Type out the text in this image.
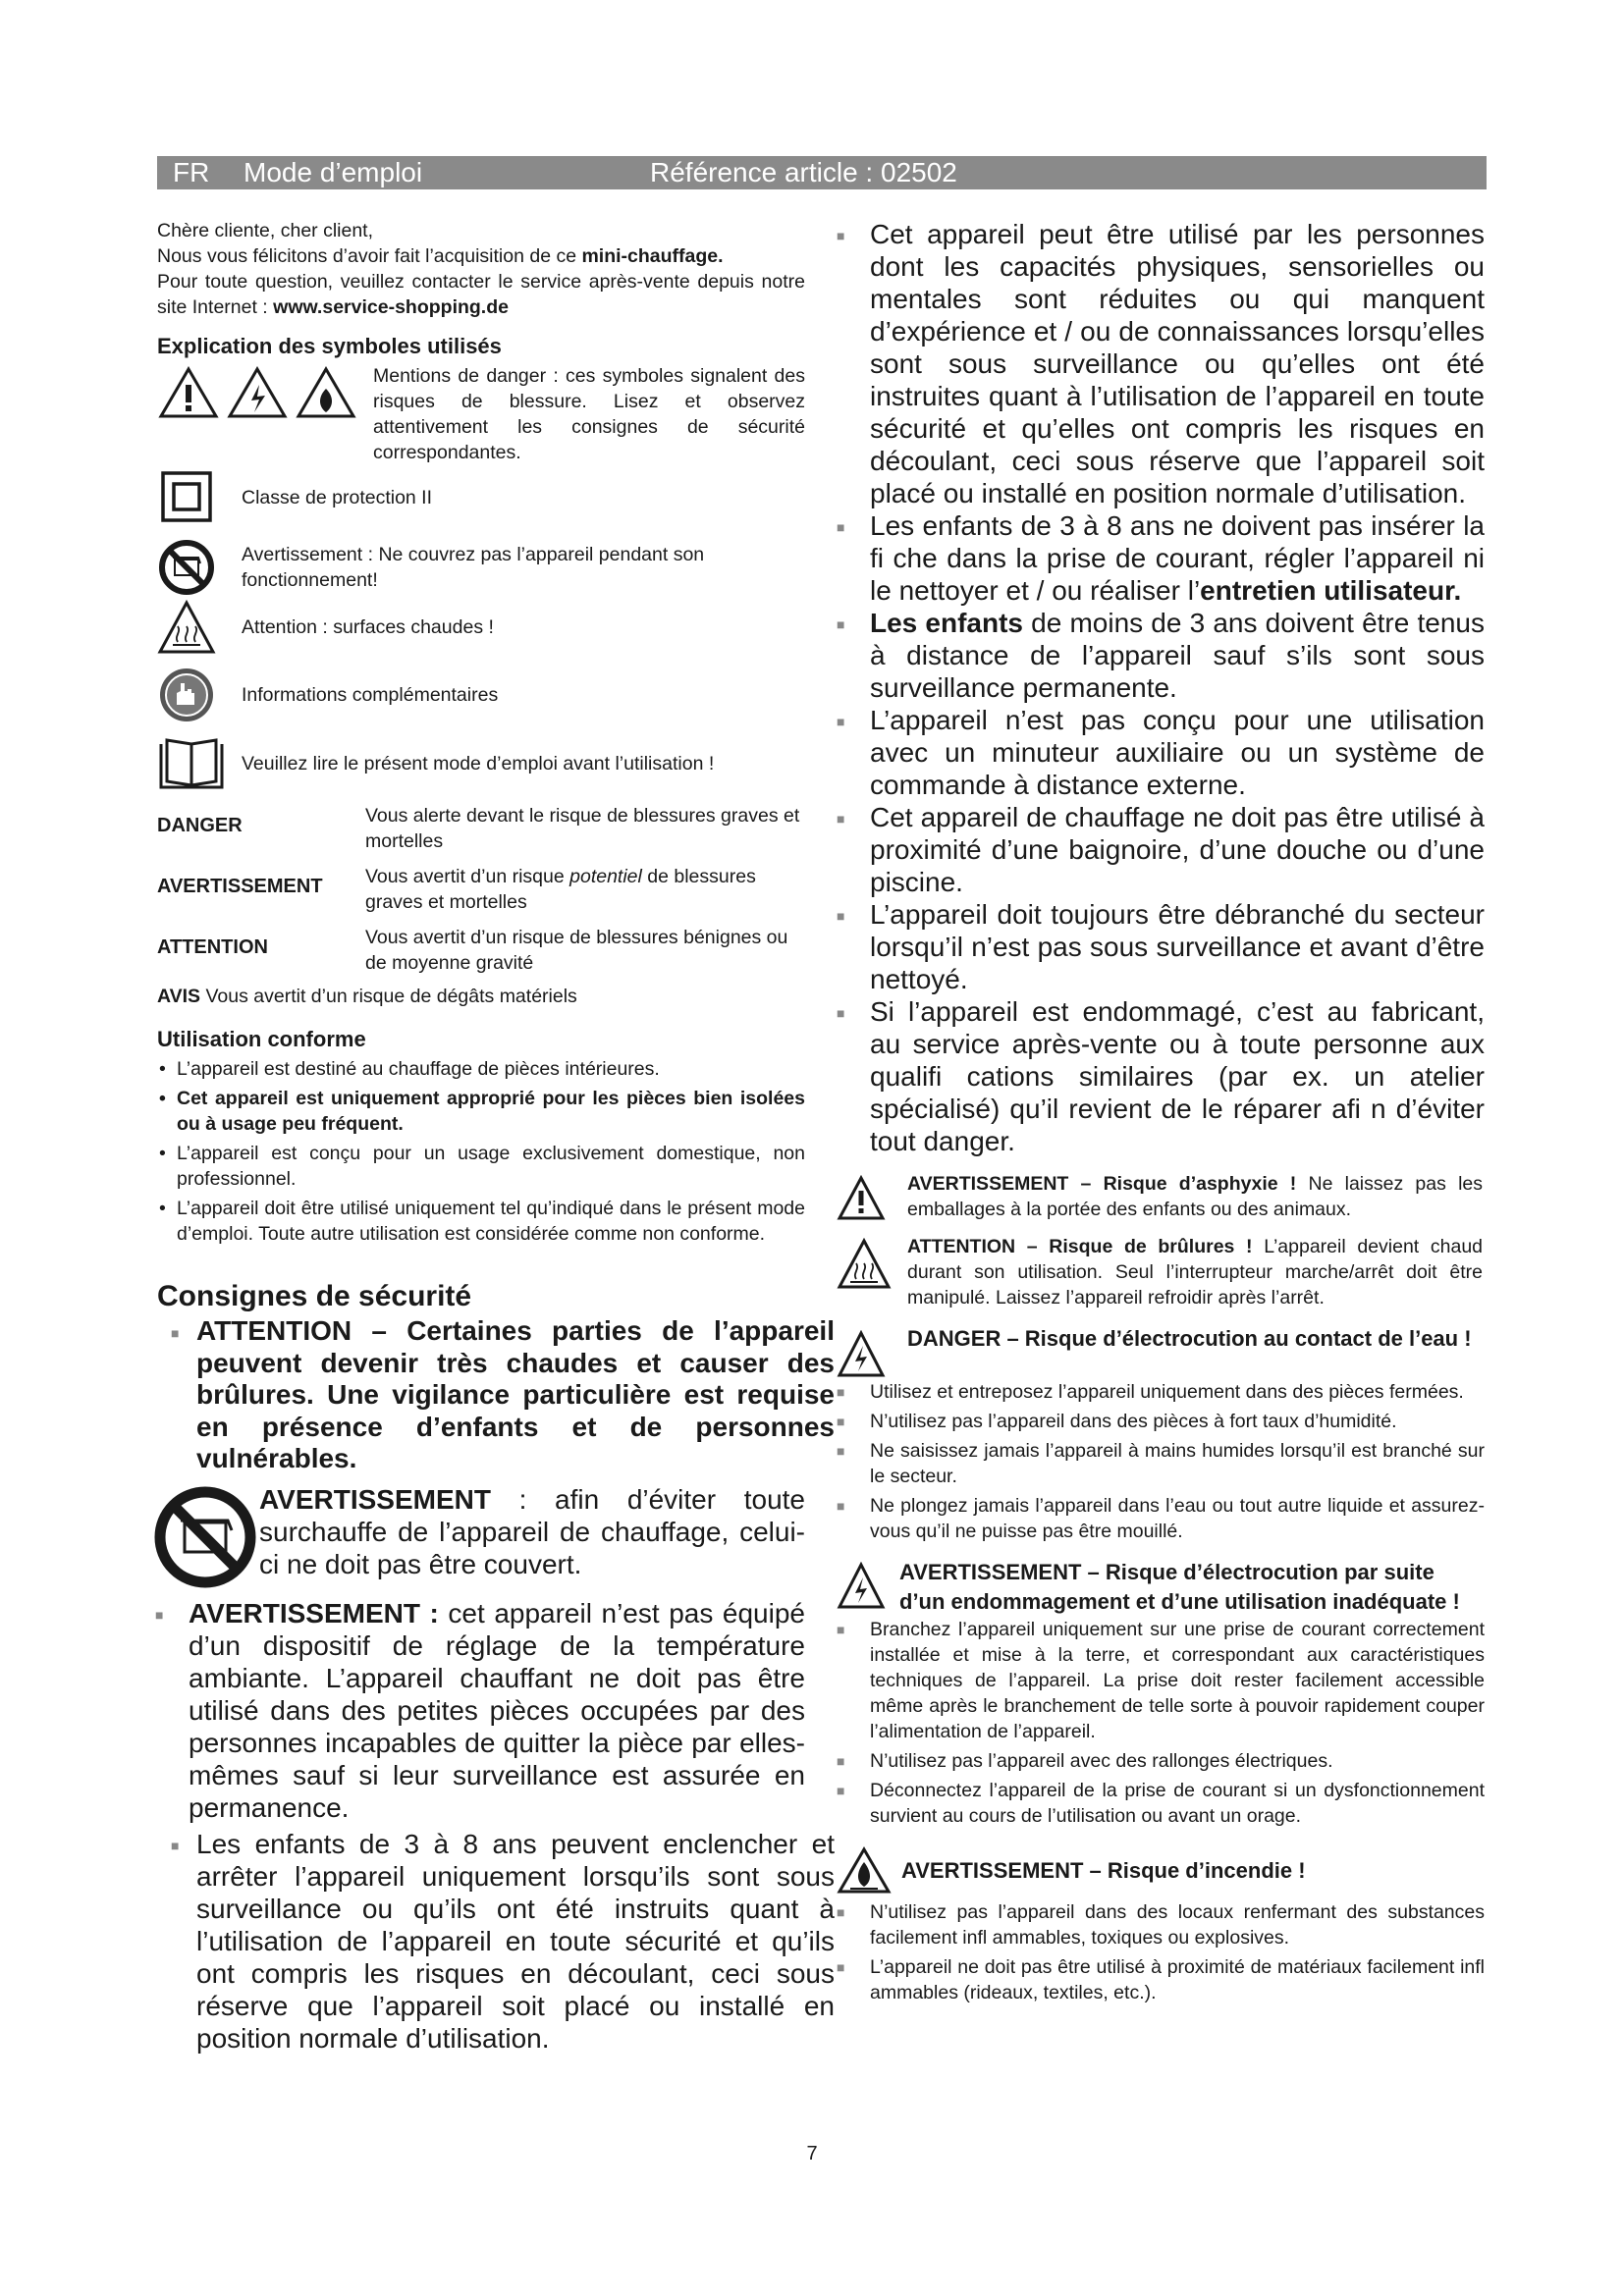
FR Mode d’emploi	Référence article : 02502

Chère cliente, cher client,

Nous vous félicitons d’avoir fait l’acquisition de ce mini-chauffage.

Pour toute question, veuillez contacter le service après-vente depuis notre site Internet : www.service-shopping.de

Explication des symboles utilisés

Mentions de danger : ces symboles signalent des risques de blessure. Lisez et observez attentivement les consignes de sécurité correspondantes.

Classe de protection II

Avertissement : Ne couvrez pas l’appareil pendant son fonctionnement!

Attention : surfaces chaudes !

Informations complémentaires

Veuillez lire le présent mode d’emploi avant l’utilisation !

DANGER	Vous alerte devant le risque de blessures graves et mortelles
AVERTISSEMENT	Vous avertit d’un risque potentiel de blessures graves et mortelles
ATTENTION	Vous avertit d’un risque de blessures bénignes ou de moyenne gravité

AVIS Vous avertit d’un risque de dégâts matériels

Utilisation conforme

• L’appareil est destiné au chauffage de pièces intérieures.
• Cet appareil est uniquement approprié pour les pièces bien isolées ou à usage peu fréquent.
• L’appareil est conçu pour un usage exclusivement domestique, non professionnel.
• L’appareil doit être utilisé uniquement tel qu’indiqué dans le présent mode d’emploi. Toute autre utilisation est considérée comme non conforme.

Consignes de sécurité

■ ATTENTION – Certaines parties de l’appareil peuvent devenir très chaudes et causer des brûlures. Une vigilance particulière est requise en présence d’enfants et de personnes vulnérables.

AVERTISSEMENT : afin d’éviter toute surchauffe de l’appareil de chauffage, celui-ci ne doit pas être couvert.

■ AVERTISSEMENT : cet appareil n’est pas équipé d’un dispositif de réglage de la température ambiante. L’appareil chauffant ne doit pas être utilisé dans des petites pièces occupées par des personnes incapables de quitter la pièce par elles-mêmes sauf si leur surveillance est assurée en permanence.

■ Les enfants de 3 à 8 ans peuvent enclencher et arrêter l’appareil uniquement lorsqu’ils sont sous surveillance ou qu’ils ont été instruits quant à l’utilisation de l’appareil en toute sécurité et qu’ils ont compris les risques en découlant, ceci sous réserve que l’appareil soit placé ou installé en position normale d’utilisation.

■ Cet appareil peut être utilisé par les personnes dont les capacités physiques, sensorielles ou mentales sont réduites ou qui manquent d’expérience et / ou de connaissances lorsqu’elles sont sous surveillance ou qu’elles ont été instruites quant à l’utilisation de l’appareil en toute sécurité et qu’elles ont compris les risques en découlant, ceci sous réserve que l’appareil soit placé ou installé en position normale d’utilisation.

■ Les enfants de 3 à 8 ans ne doivent pas insérer la fi che dans la prise de courant, régler l’appareil ni le nettoyer et / ou réaliser l’entretien utilisateur.

■ Les enfants de moins de 3 ans doivent être tenus à distance de l’appareil sauf s’ils sont sous surveillance permanente.

■ L’appareil n’est pas conçu pour une utilisation avec un minuteur auxiliaire ou un système de commande à distance externe.

■ Cet appareil de chauffage ne doit pas être utilisé à proximité d’une baignoire, d’une douche ou d’une piscine.

■ L’appareil doit toujours être débranché du secteur lorsqu’il n’est pas sous surveillance et avant d’être nettoyé.

■ Si l’appareil est endommagé, c’est au fabricant, au service après-vente ou à toute personne aux qualifi cations similaires (par ex. un atelier spécialisé) qu’il revient de le réparer afi n d’éviter tout danger.

AVERTISSEMENT – Risque d’asphyxie ! Ne laissez pas les emballages à la portée des enfants ou des animaux.

ATTENTION – Risque de brûlures ! L’appareil devient chaud durant son utilisation. Seul l’interrupteur marche/arrêt doit être manipulé. Laissez l’appareil refroidir après l’arrêt.

DANGER – Risque d’électrocution au contact de l’eau !

■	Utilisez et entreposez l’appareil uniquement dans des pièces fermées.

■	N’utilisez pas l’appareil dans des pièces à fort taux d’humidité.

■	Ne saisissez jamais l’appareil à mains humides lorsqu’il est branché sur le secteur.

■	Ne plongez jamais l’appareil dans l’eau ou tout autre liquide et assurez-vous qu’il ne puisse pas être mouillé.

AVERTISSEMENT – Risque d’électrocution par suite d’un endommagement et d’une utilisation inadéquate !

■	Branchez l’appareil uniquement sur une prise de courant correctement installée et mise à la terre, et correspondant aux caractéristiques techniques de l’appareil. La prise doit rester facilement accessible même après le branchement de telle sorte à pouvoir rapidement couper l’alimentation de l’appareil.

■	N’utilisez pas l’appareil avec des rallonges électriques.

■	Déconnectez l’appareil de la prise de courant si un dysfonctionnement survient au cours de l’utilisation ou avant un orage.

AVERTISSEMENT – Risque d’incendie !

■	N’utilisez pas l’appareil dans des locaux renfermant des substances facilement infl ammables, toxiques ou explosives.

■	L’appareil ne doit pas être utilisé à proximité de matériaux facilement infl ammables (rideaux, textiles, etc.).

7
